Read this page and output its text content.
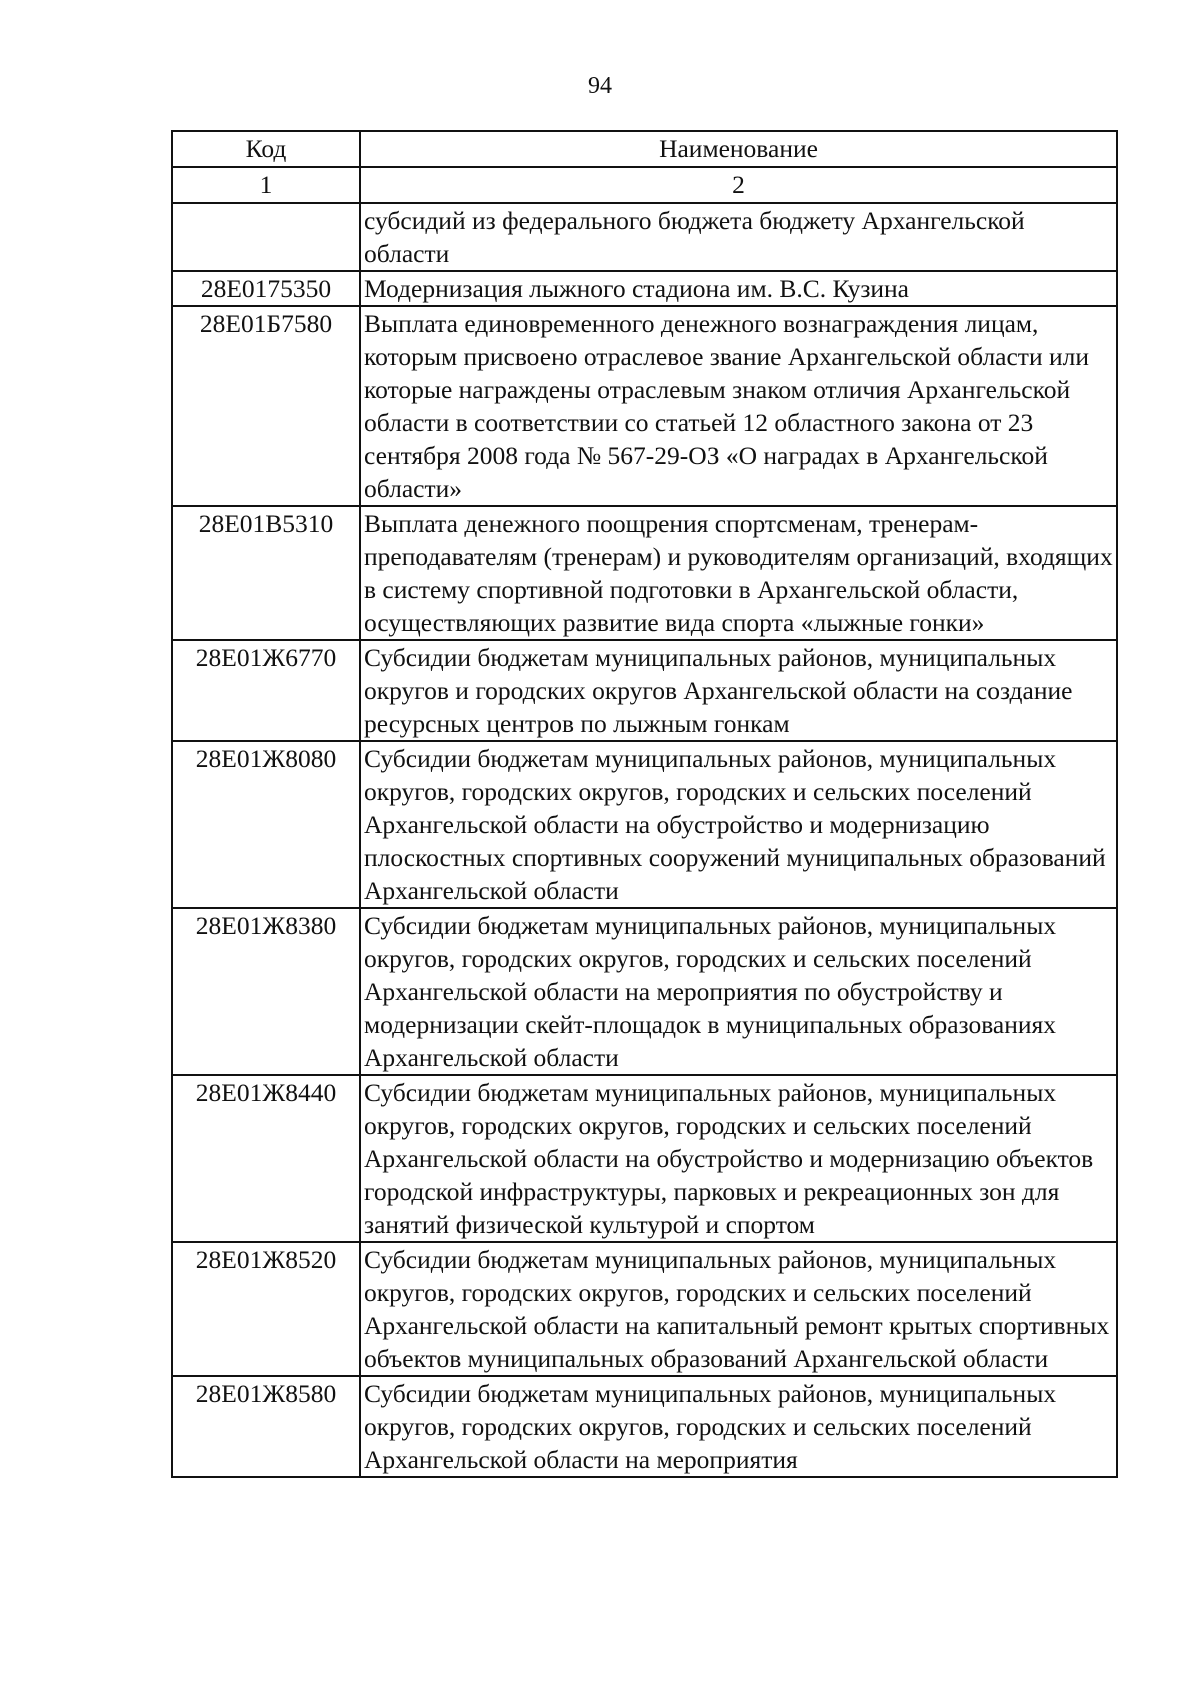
94
Код	Наименование
1	2
	субсидий из федерального бюджета бюджету Архангельской области
28Е0175350	Модернизация лыжного стадиона им. В.С. Кузина
28Е01Б7580	Выплата единовременного денежного вознаграждения лицам, которым присвоено отраслевое звание Архангельской области или которые награждены отраслевым знаком отличия Архангельской области в соответствии со статьей 12 областного закона от 23 сентября 2008 года № 567-29-ОЗ «О наградах в Архангельской области»
28Е01В5310	Выплата денежного поощрения спортсменам, тренерам-преподавателям (тренерам) и руководителям организаций, входящих в систему спортивной подготовки в Архангельской области, осуществляющих развитие вида спорта «лыжные гонки»
28Е01Ж6770	Субсидии бюджетам муниципальных районов, муниципальных округов и городских округов Архангельской области на создание ресурсных центров по лыжным гонкам
28Е01Ж8080	Субсидии бюджетам муниципальных районов, муниципальных округов, городских округов, городских и сельских поселений Архангельской области на обустройство и модернизацию плоскостных спортивных сооружений муниципальных образований Архангельской области
28Е01Ж8380	Субсидии бюджетам муниципальных районов, муниципальных округов, городских округов, городских и сельских поселений Архангельской области на мероприятия по обустройству и модернизации скейт-площадок в муниципальных образованиях Архангельской области
28Е01Ж8440	Субсидии бюджетам муниципальных районов, муниципальных округов, городских округов, городских и сельских поселений Архангельской области на обустройство и модернизацию объектов городской инфраструктуры, парковых и рекреационных зон для занятий физической культурой и спортом
28Е01Ж8520	Субсидии бюджетам муниципальных районов, муниципальных округов, городских округов, городских и сельских поселений Архангельской области на капитальный ремонт крытых спортивных объектов муниципальных образований Архангельской области
28Е01Ж8580	Субсидии бюджетам муниципальных районов, муниципальных округов, городских округов, городских и сельских поселений Архангельской области на мероприятия
